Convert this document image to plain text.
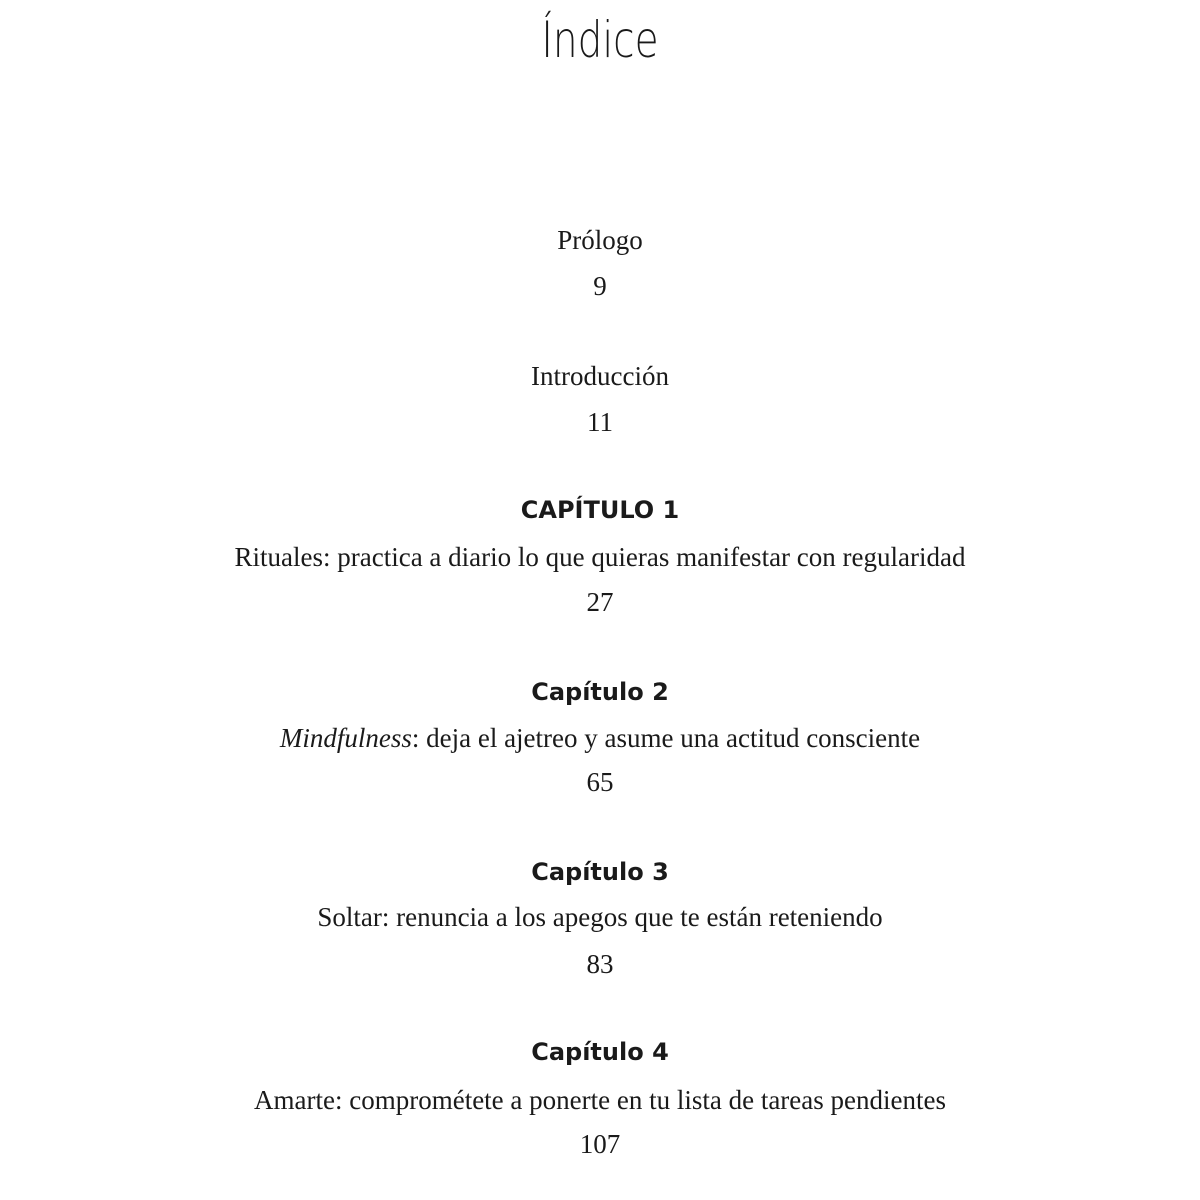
Índice
Prólogo
9
Introducción
11
CAPÍTULO 1
Rituales: practica a diario lo que quieras manifestar con regularidad
27
Capítulo 2
Mindfulness: deja el ajetreo y asume una actitud consciente
65
Capítulo 3
Soltar: renuncia a los apegos que te están reteniendo
83
Capítulo 4
Amarte: comprométete a ponerte en tu lista de tareas pendientes
107
